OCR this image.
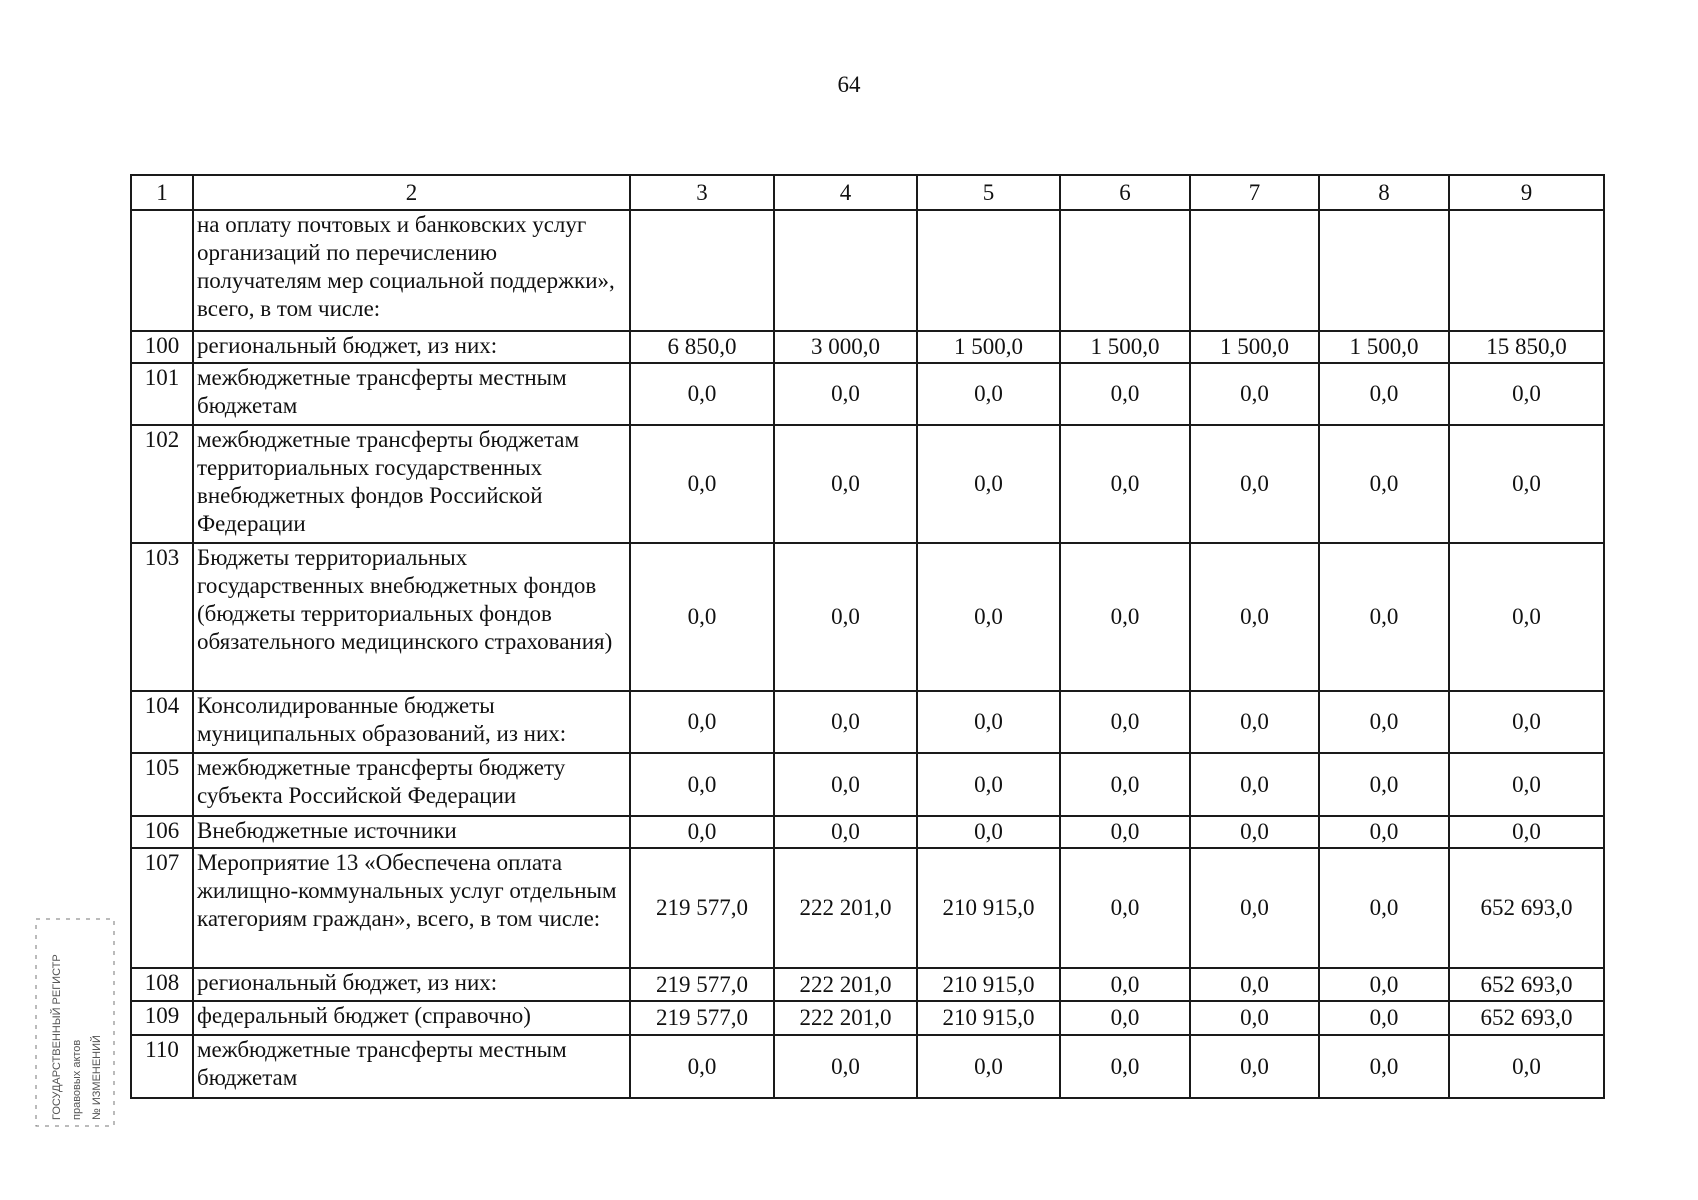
64
1	2	3	4	5	6	7	8	9
	на оплату почтовых и банковских услуг организаций по перечислению получателям мер социальной поддержки», всего, в том числе:							
100	региональный бюджет, из них:	6 850,0	3 000,0	1 500,0	1 500,0	1 500,0	1 500,0	15 850,0
101	межбюджетные трансферты местным бюджетам	0,0	0,0	0,0	0,0	0,0	0,0	0,0
102	межбюджетные трансферты бюджетам территориальных государственных внебюджетных фондов Российской Федерации	0,0	0,0	0,0	0,0	0,0	0,0	0,0
103	Бюджеты территориальных государственных внебюджетных фондов (бюджеты территориальных фондов обязательного медицинского страхования)	0,0	0,0	0,0	0,0	0,0	0,0	0,0
104	Консолидированные бюджеты муниципальных образований, из них:	0,0	0,0	0,0	0,0	0,0	0,0	0,0
105	межбюджетные трансферты бюджету субъекта Российской Федерации	0,0	0,0	0,0	0,0	0,0	0,0	0,0
106	Внебюджетные источники	0,0	0,0	0,0	0,0	0,0	0,0	0,0
107	Мероприятие 13 «Обеспечена оплата жилищно-коммунальных услуг отдельным категориям граждан», всего, в том числе:	219 577,0	222 201,0	210 915,0	0,0	0,0	0,0	652 693,0
108	региональный бюджет, из них:	219 577,0	222 201,0	210 915,0	0,0	0,0	0,0	652 693,0
109	федеральный бюджет (справочно)	219 577,0	222 201,0	210 915,0	0,0	0,0	0,0	652 693,0
110	межбюджетные трансферты местным бюджетам	0,0	0,0	0,0	0,0	0,0	0,0	0,0
ГОСУДАРСТВЕННЫЙ РЕГИСТР правовых актов № ИЗМЕНЕНИЙ
